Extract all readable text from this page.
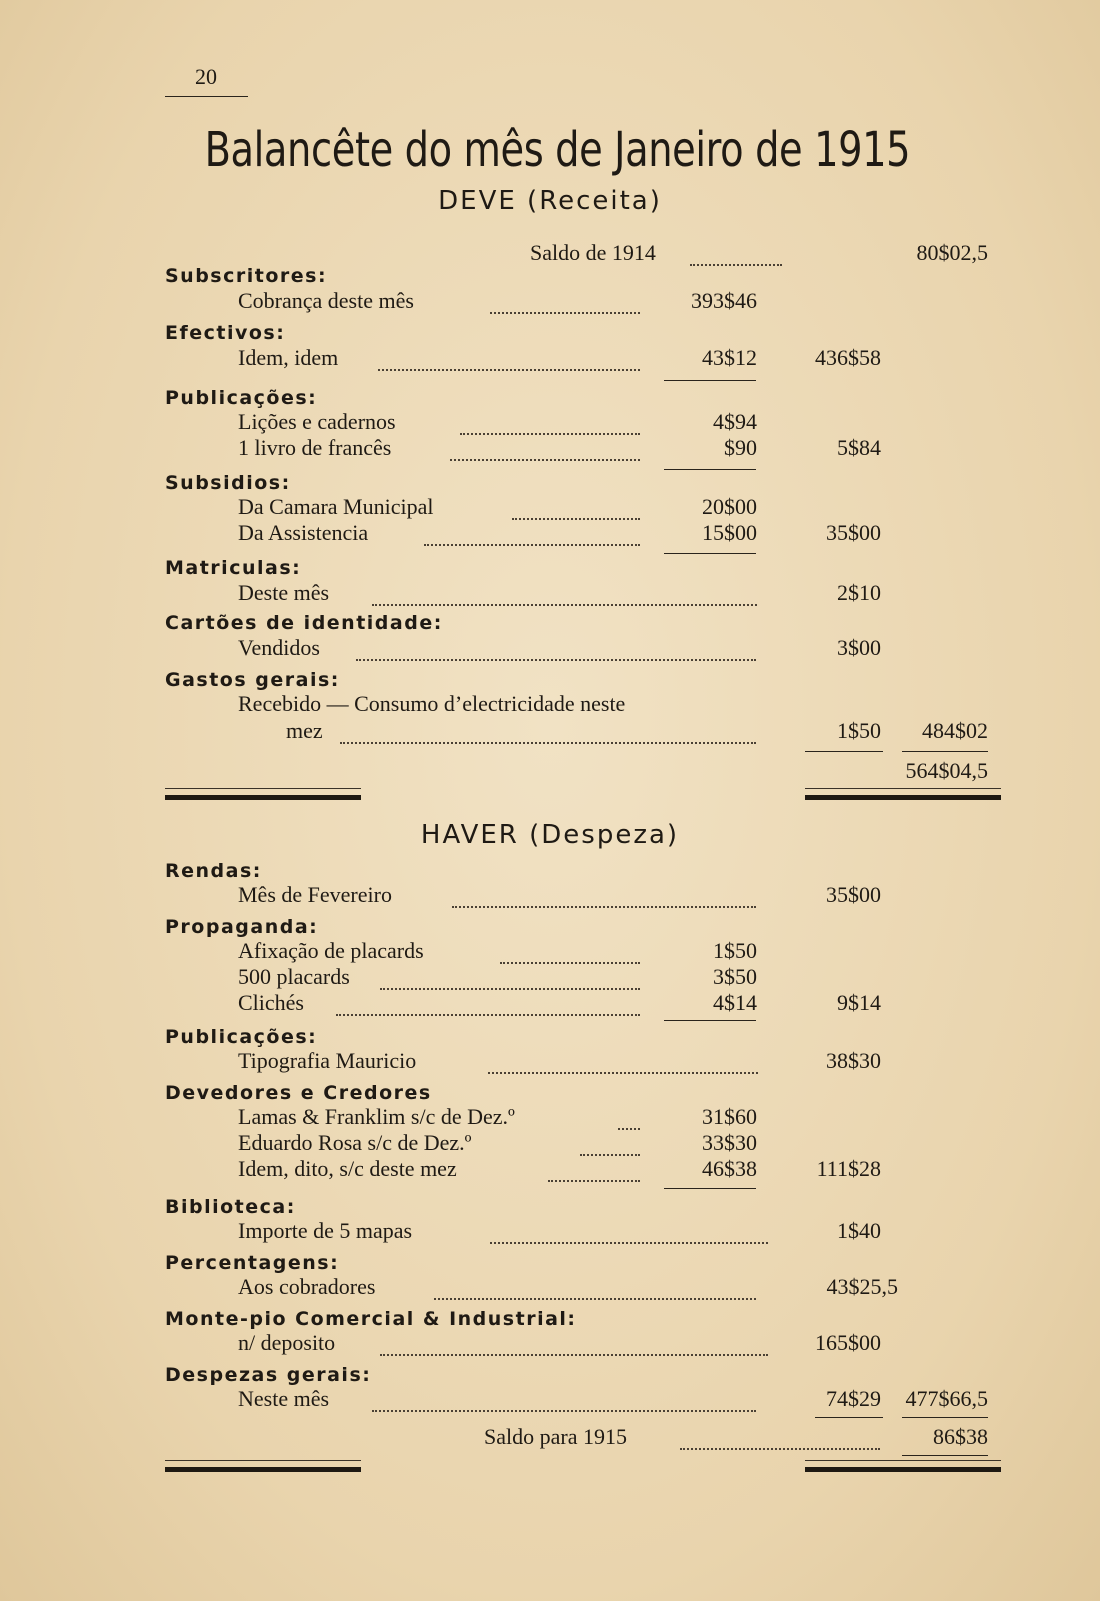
20
Balancête do mês de Janeiro de 1915
DEVE (Receita)
Saldo de 1914	80$02,5
Subscritores:
Cobrança deste mês	393$46
Efectivos:
Idem, idem	43$12	436$58
Publicações:
Lições e cadernos	4$94
1 livro de francês	$90	5$84
Subsidios:
Da Camara Municipal	20$00
Da Assistencia	15$00	35$00
Matriculas:
Deste mês	2$10
Cartões de identidade:
Vendidos	3$00
Gastos gerais:
Recebido — Consumo d’electricidade neste
mez	1$50 484$02
564$04,5
HAVER (Despeza)
Rendas:
Mês de Fevereiro	35$00
Propaganda:
Afixação de placards	1$50
500 placards	3$50
Clichés	4$14	9$14
Publicações:
Tipografia Mauricio	38$30
Devedores e Credores
Lamas & Franklim s/c de Dez.º	31$60
Eduardo Rosa s/c de Dez.º	33$30
Idem, dito, s/c deste mez	46$38	111$28
Biblioteca:
Importe de 5 mapas	1$40
Percentagens:
Aos cobradores	43$25,5
Monte-pio Comercial & Industrial:
n/ deposito	165$00
Despezas gerais:
Neste mês	74$29 477$66,5
Saldo para 1915	86$38
